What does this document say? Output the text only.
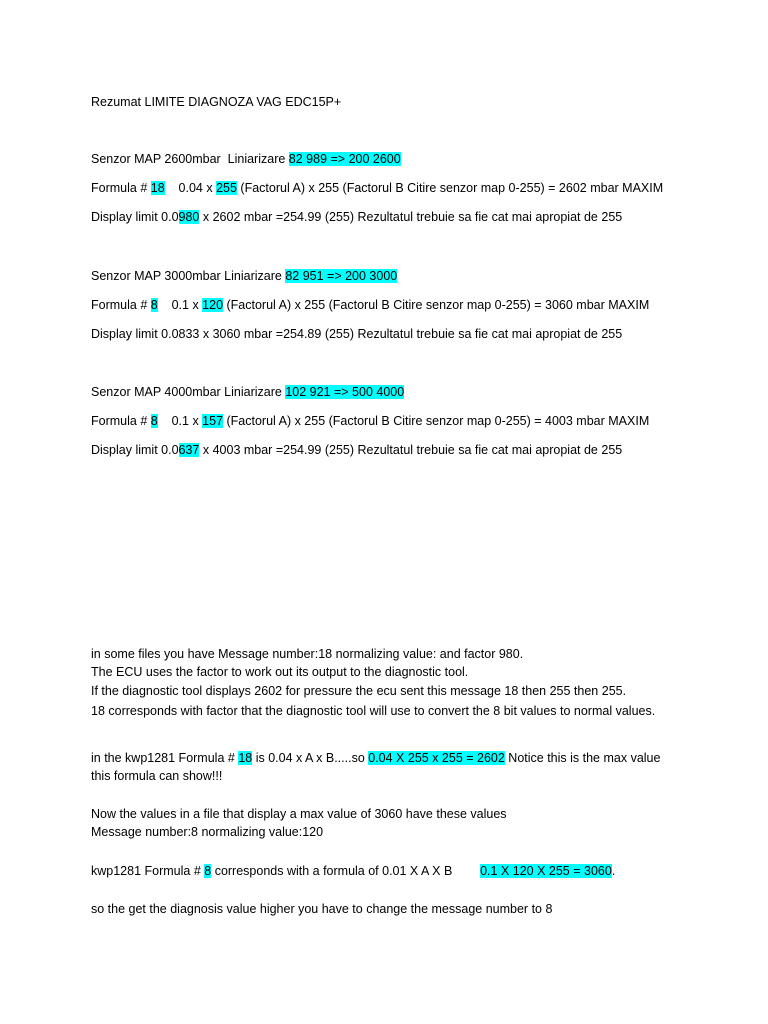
Rezumat LIMITE DIAGNOZA VAG EDC15P+
Senzor MAP 2600mbar  Liniarizare 82 989 => 200 2600
Formula # 18    0.04 x 255 (Factorul A) x 255 (Factorul B Citire senzor map 0-255) = 2602 mbar MAXIM
Display limit 0.0980 x 2602 mbar =254.99 (255) Rezultatul trebuie sa fie cat mai apropiat de 255
Senzor MAP 3000mbar Liniarizare 82 951 => 200 3000
Formula # 8    0.1 x 120 (Factorul A) x 255 (Factorul B Citire senzor map 0-255) = 3060 mbar MAXIM
Display limit 0.0833 x 3060 mbar =254.89 (255) Rezultatul trebuie sa fie cat mai apropiat de 255
Senzor MAP 4000mbar Liniarizare 102 921 => 500 4000
Formula # 8    0.1 x 157 (Factorul A) x 255 (Factorul B Citire senzor map 0-255) = 4003 mbar MAXIM
Display limit 0.0637 x 4003 mbar =254.99 (255) Rezultatul trebuie sa fie cat mai apropiat de 255
in some files you have Message number:18 normalizing value: and factor 980.
The ECU uses the factor to work out its output to the diagnostic tool.
If the diagnostic tool displays 2602 for pressure the ecu sent this message 18 then 255 then 255.
18 corresponds with factor that the diagnostic tool will use to convert the 8 bit values to normal values.
in the kwp1281 Formula # 18 is 0.04 x A x B.....so 0.04 X 255 x 255 = 2602 Notice this is the max value
this formula can show!!!
Now the values in a file that display a max value of 3060 have these values
Message number:8 normalizing value:120
kwp1281 Formula # 8 corresponds with a formula of 0.01 X A X B        0.1 X 120 X 255 = 3060.
so the get the diagnosis value higher you have to change the message number to 8
